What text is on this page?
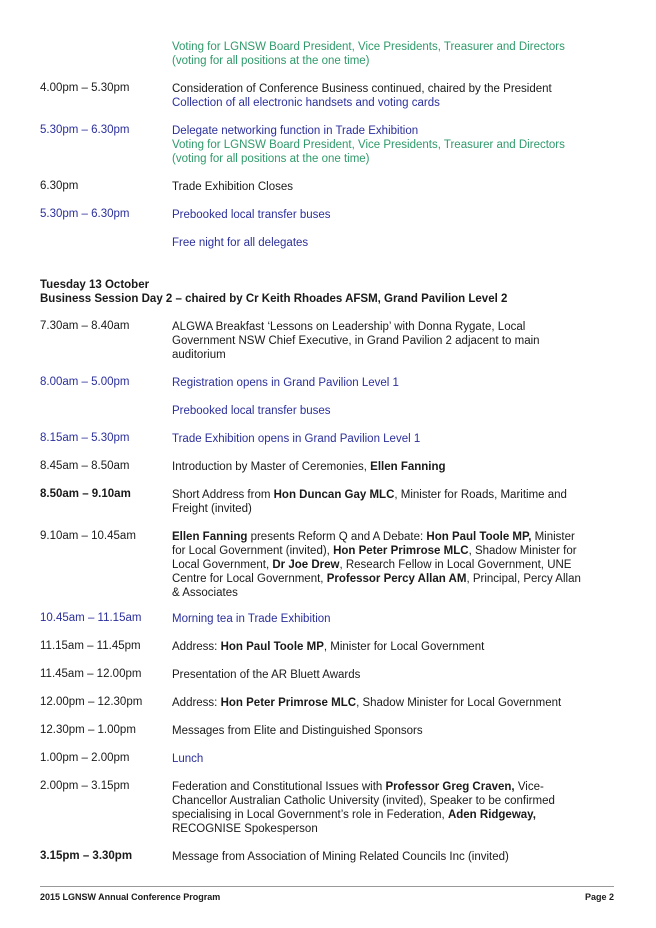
Voting for LGNSW Board President, Vice Presidents, Treasurer and Directors
(voting for all positions at the one time)
4.00pm – 5.30pm	Consideration of Conference Business continued, chaired by the President
Collection of all electronic handsets and voting cards
5.30pm – 6.30pm	Delegate networking function in Trade Exhibition
Voting for LGNSW Board President, Vice Presidents, Treasurer and Directors
(voting for all positions at the one time)
6.30pm	Trade Exhibition Closes
5.30pm – 6.30pm	Prebooked local transfer buses
Free night for all delegates
Tuesday 13 October
Business Session Day 2 – chaired by Cr Keith Rhoades AFSM, Grand Pavilion Level 2
7.30am – 8.40am	ALGWA Breakfast ‘Lessons on Leadership’ with Donna Rygate, Local
Government NSW Chief Executive, in Grand Pavilion 2 adjacent to main
auditorium
8.00am – 5.00pm	Registration opens in Grand Pavilion Level 1
Prebooked local transfer buses
8.15am – 5.30pm	Trade Exhibition opens in Grand Pavilion Level 1
8.45am – 8.50am	Introduction by Master of Ceremonies, Ellen Fanning
8.50am – 9.10am	Short Address from Hon Duncan Gay MLC, Minister for Roads, Maritime and
Freight (invited)
9.10am – 10.45am	Ellen Fanning presents Reform Q and A Debate: Hon Paul Toole MP, Minister
for Local Government (invited), Hon Peter Primrose MLC, Shadow Minister for
Local Government, Dr Joe Drew, Research Fellow in Local Government, UNE
Centre for Local Government, Professor Percy Allan AM, Principal, Percy Allan
& Associates
10.45am – 11.15am	Morning tea in Trade Exhibition
11.15am – 11.45pm	Address: Hon Paul Toole MP, Minister for Local Government
11.45am – 12.00pm	Presentation of the AR Bluett Awards
12.00pm – 12.30pm	Address: Hon Peter Primrose MLC, Shadow Minister for Local Government
12.30pm – 1.00pm	Messages from Elite and Distinguished Sponsors
1.00pm – 2.00pm	Lunch
2.00pm – 3.15pm	Federation and Constitutional Issues with Professor Greg Craven, Vice-
Chancellor Australian Catholic University (invited), Speaker to be confirmed
specialising in Local Government’s role in Federation, Aden Ridgeway,
RECOGNISE Spokesperson
3.15pm – 3.30pm	Message from Association of Mining Related Councils Inc (invited)
2015 LGNSW Annual Conference Program	Page 2
